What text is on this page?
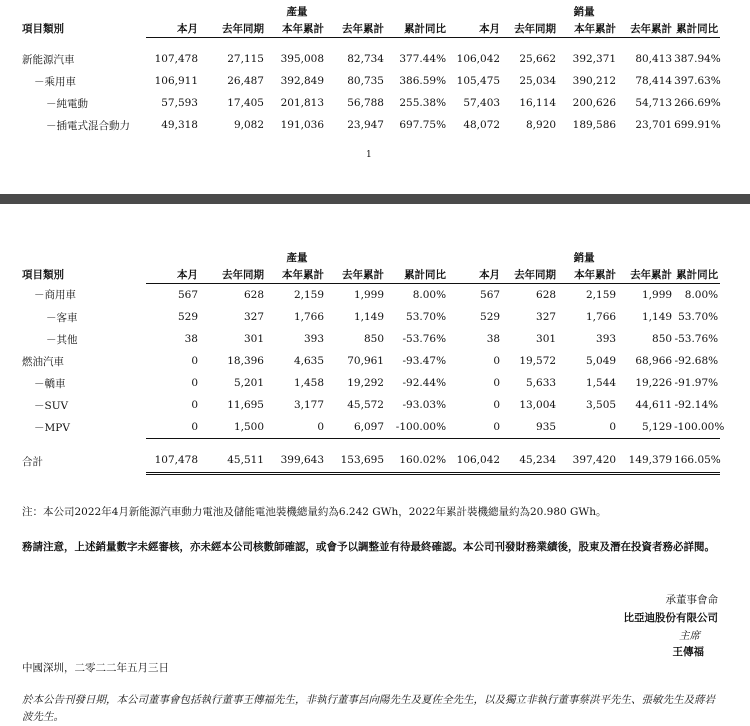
	產量					銷量				
項目類別	本月	去年同期	本年累計	去年累計	累計同比	本月	去年同期	本年累計	去年累計	累計同比

新能源汽車	107,478	27,115	395,008	82,734	377.44%	106,042	25,662	392,371	80,413	387.94%
－乘用車	106,911	26,487	392,849	80,735	386.59%	105,475	25,034	390,212	78,414	397.63%
－純電動	57,593	17,405	201,813	56,788	255.38%	57,403	16,114	200,626	54,713	266.69%
－插電式混合動力	49,318	9,082	191,036	23,947	697.75%	48,072	8,920	189,586	23,701	699.91%
1
	產量					銷量				
項目類別	本月	去年同期	本年累計	去年累計	累計同比	本月	去年同期	本年累計	去年累計	累計同比
－商用車	567	628	2,159	1,999	8.00%	567	628	2,159	1,999	8.00%
－客車	529	327	1,766	1,149	53.70%	529	327	1,766	1,149	53.70%
－其他	38	301	393	850	-53.76%	38	301	393	850	-53.76%
燃油汽車	0	18,396	4,635	70,961	-93.47%	0	19,572	5,049	68,966	-92.68%
－轎車	0	5,201	1,458	19,292	-92.44%	0	5,633	1,544	19,226	-91.97%
－SUV	0	11,695	3,177	45,572	-93.03%	0	13,004	3,505	44,611	-92.14%
－MPV	0	1,500	0	6,097	-100.00%	0	935	0	5,129	-100.00%
合計	107,478	45,511	399,643	153,695	160.02%	106,042	45,234	397,420	149,379	166.05%
注：本公司2022年4月新能源汽車動力電池及儲能電池裝機總量約為6.242 GWh，2022年累計裝機總量約為20.980 GWh。
務請注意，上述銷量數字未經審核，亦未經本公司核數師確認，或會予以調整並有待最終確認。本公司刊發財務業績後，股東及潛在投資者務必詳閱。
承董事會命
比亞迪股份有限公司
主席
王傳福
中國深圳，二零二二年五月三日
於本公告刊發日期，本公司董事會包括執行董事王傳福先生，非執行董事呂向陽先生及夏佐全先生，以及獨立非執行董事蔡洪平先生、張敏先生及蔣岩波先生。
